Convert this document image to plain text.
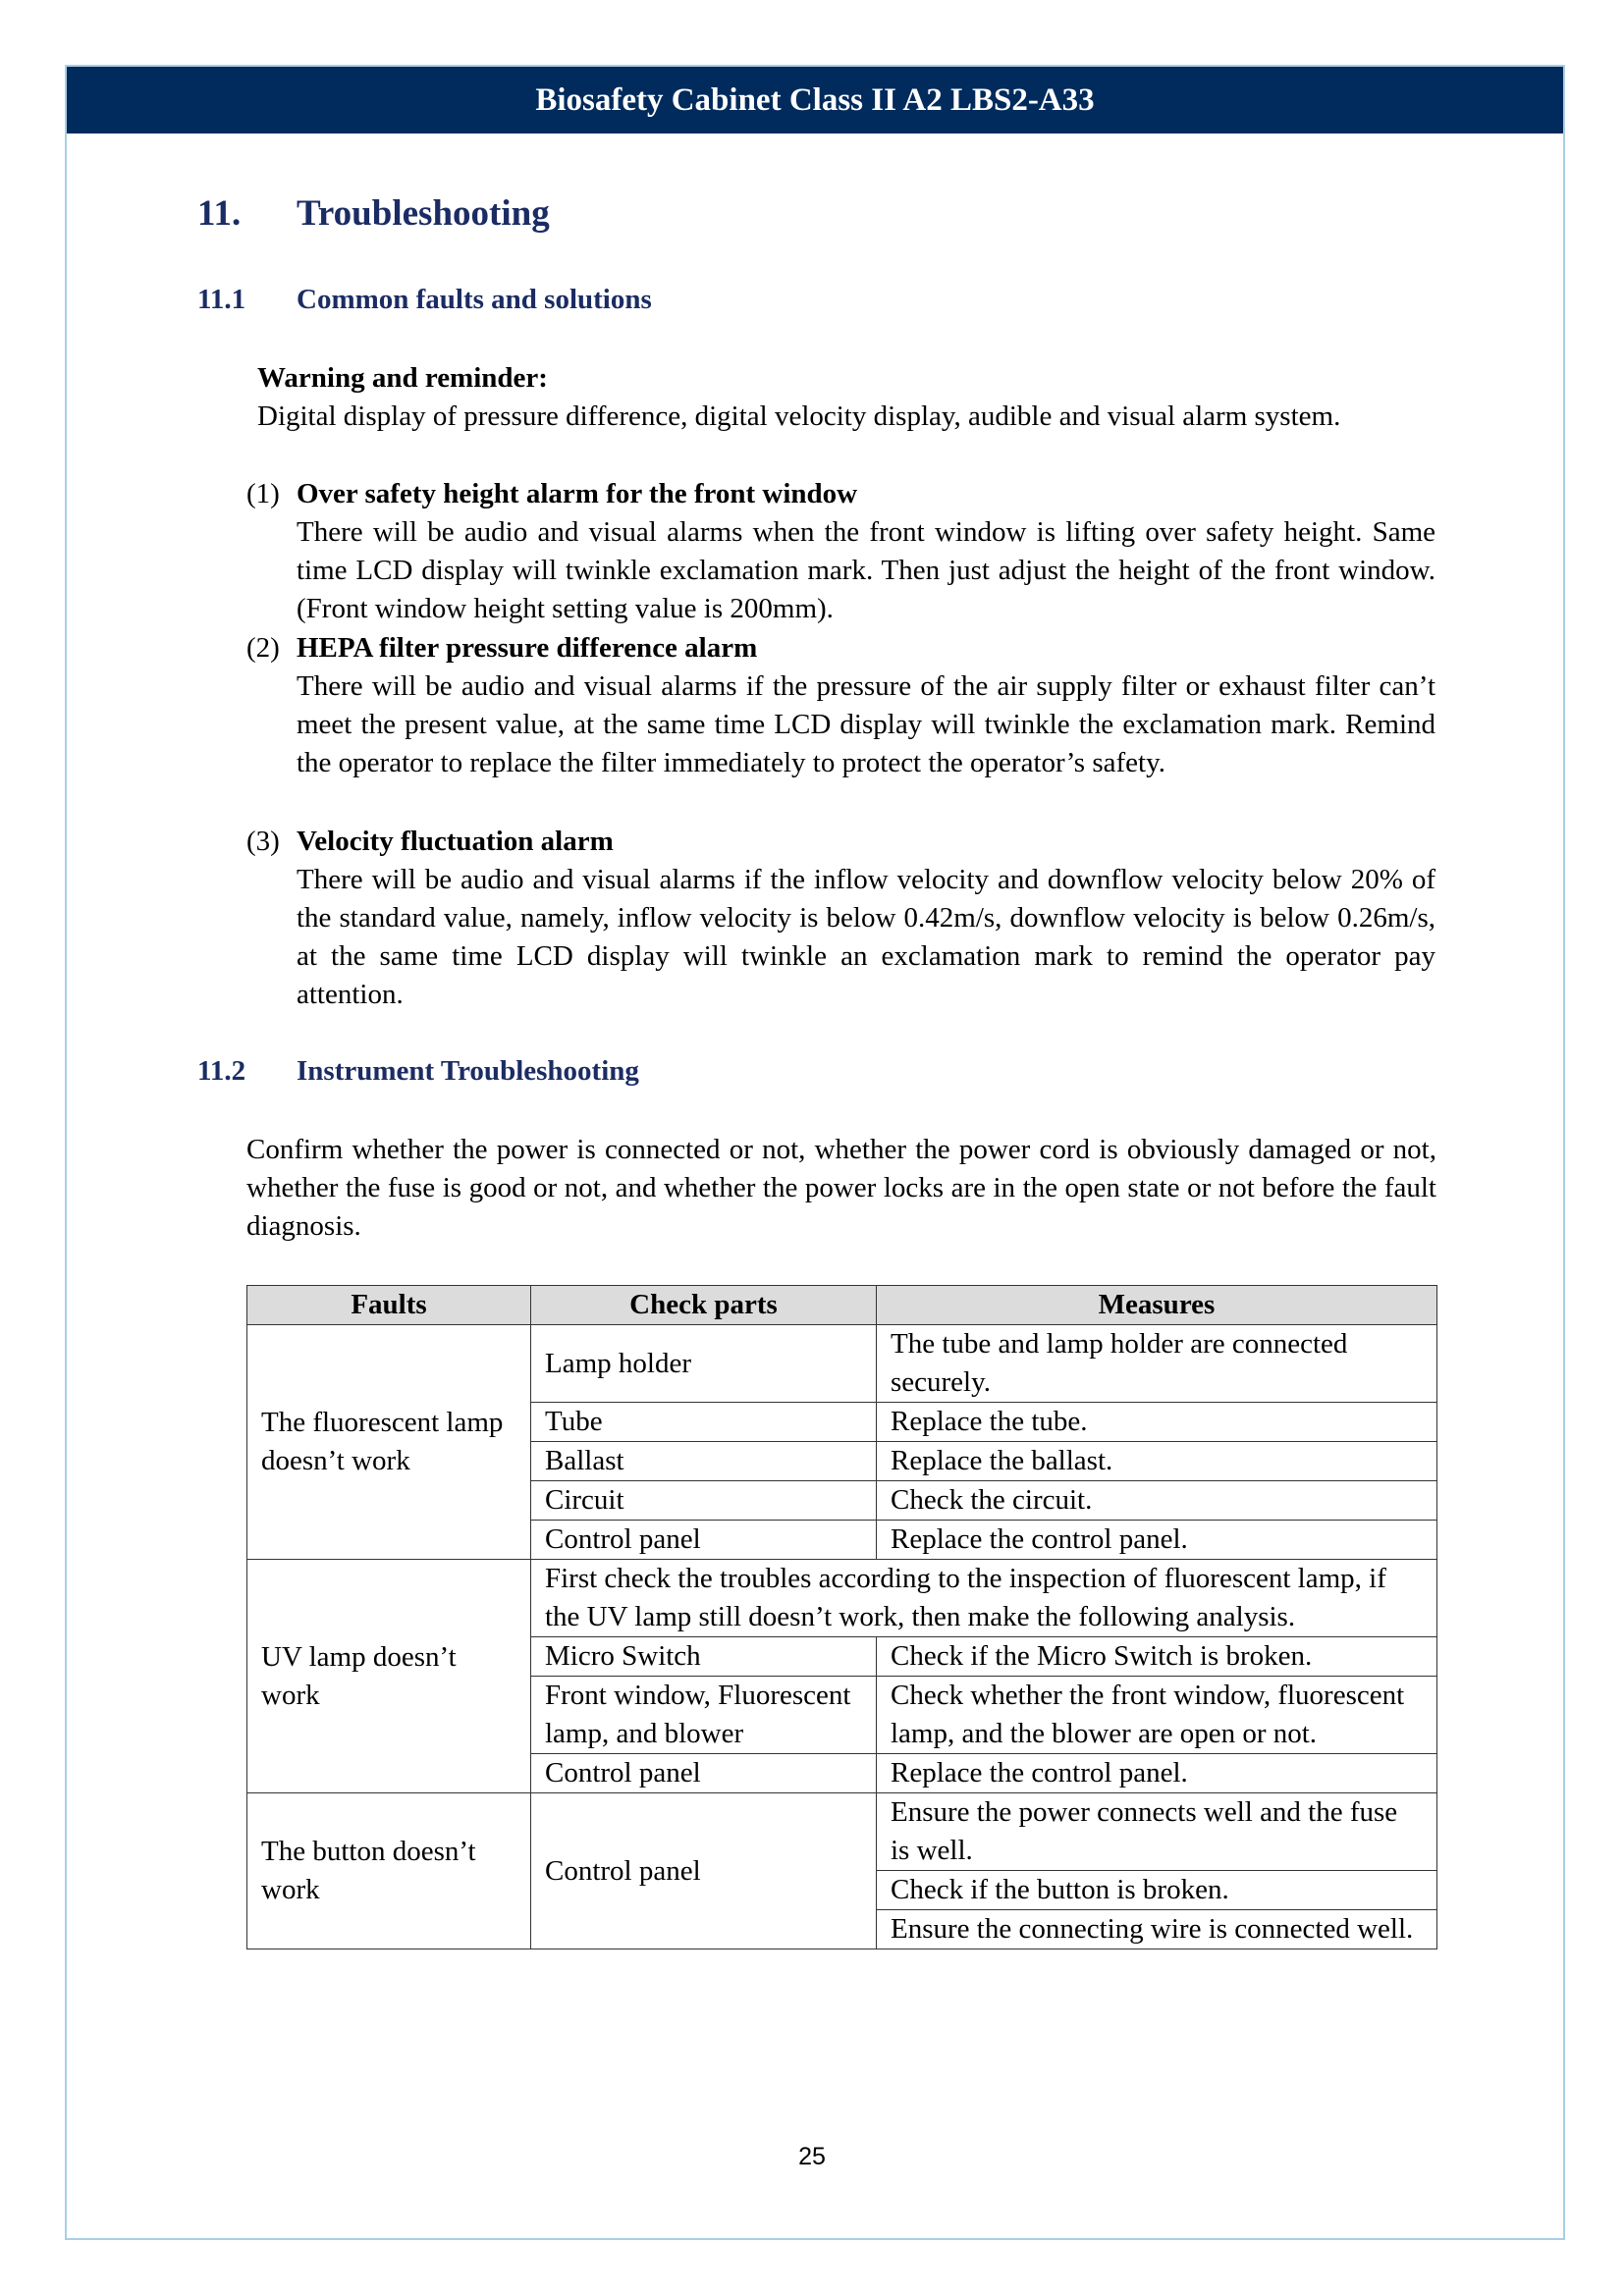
Biosafety Cabinet Class II A2 LBS2-A33
11. Troubleshooting
11.1 Common faults and solutions
Warning and reminder:
Digital display of pressure difference, digital velocity display, audible and visual alarm system.
(1) Over safety height alarm for the front window
There will be audio and visual alarms when the front window is lifting over safety height. Same time LCD display will twinkle exclamation mark. Then just adjust the height of the front window. (Front window height setting value is 200mm).
(2) HEPA filter pressure difference alarm
There will be audio and visual alarms if the pressure of the air supply filter or exhaust filter can’t meet the present value, at the same time LCD display will twinkle the exclamation mark. Remind the operator to replace the filter immediately to protect the operator’s safety.
(3) Velocity fluctuation alarm
There will be audio and visual alarms if the inflow velocity and downflow velocity below 20% of the standard value, namely, inflow velocity is below 0.42m/s, downflow velocity is below 0.26m/s, at the same time LCD display will twinkle an exclamation mark to remind the operator pay attention.
11.2 Instrument Troubleshooting
Confirm whether the power is connected or not, whether the power cord is obviously damaged or not, whether the fuse is good or not, and whether the power locks are in the open state or not before the fault diagnosis.
Faults	Check parts	Measures
The fluorescent lamp doesn’t work	Lamp holder	The tube and lamp holder are connected securely.
	Tube	Replace the tube.
	Ballast	Replace the ballast.
	Circuit	Check the circuit.
	Control panel	Replace the control panel.
UV lamp doesn’t work	First check the troubles according to the inspection of fluorescent lamp, if the UV lamp still doesn’t work, then make the following analysis.	
	Micro Switch	Check if the Micro Switch is broken.
	Front window, Fluorescent lamp, and blower	Check whether the front window, fluorescent lamp, and the blower are open or not.
	Control panel	Replace the control panel.
The button doesn’t work	Control panel	Ensure the power connects well and the fuse is well.
		Check if the button is broken.
		Ensure the connecting wire is connected well.
25
